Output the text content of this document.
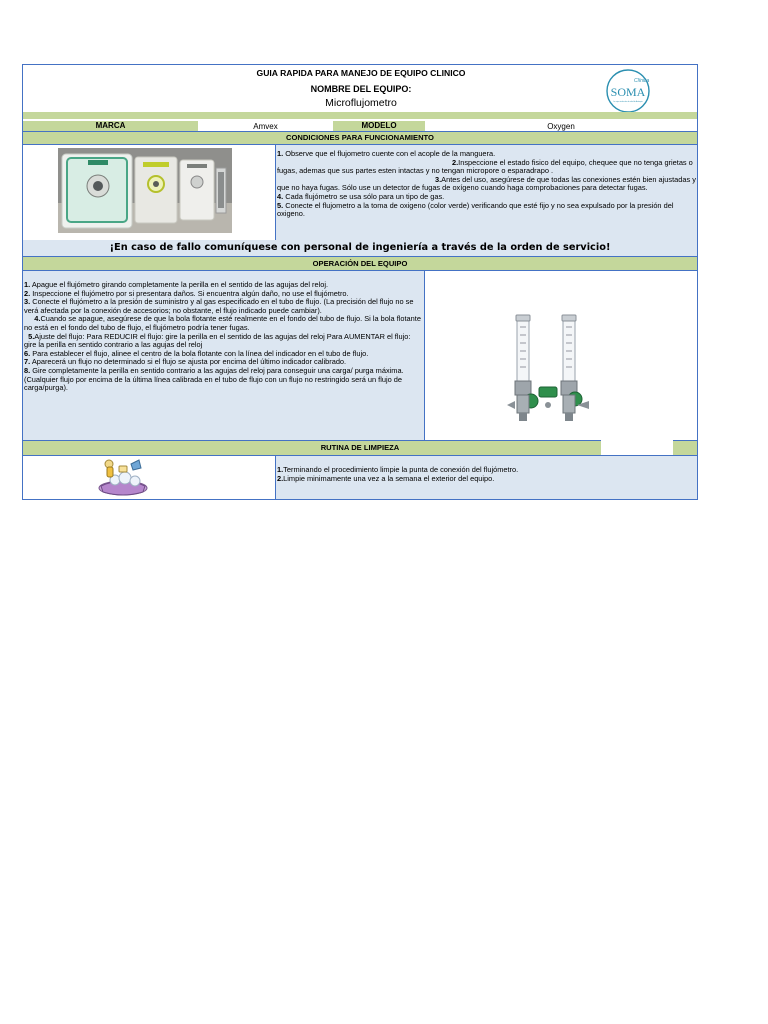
GUIA RAPIDA PARA MANEJO DE EQUIPO CLINICO
NOMBRE DEL EQUIPO:
Microflujometro
Clínica
SOMA
La mejor institución de salud de Antioquia
MARCA	Amvex	MODELO	Oxygen
CONDICIONES PARA FUNCIONAMIENTO

1. Observe que el flujometro cuente con el acople de la manguera.

2.Inspeccione el estado fisico del equipo, chequee que no tenga grietas o fugas, ademas que sus partes esten intactas y no tengan micropore o esparadrapo .

3.Antes del uso, asegúrese de que todas las conexiones estén bien ajustadas y que no haya fugas. Sólo use un detector de fugas de oxígeno cuando haga comprobaciones para detectar fugas.

4. Cada flujómetro se usa sólo para un tipo de gas.

5. Conecte el flujometro a la toma de oxigeno (color verde) verificando que esté fijo y no sea expulsado por la presión del oxigeno.

¡En caso de fallo comuníquese con personal de ingeniería a través de la orden de servicio!
OPERACIÓN DEL EQUIPO

1. Apague el flujómetro girando completamente la perilla en el sentido de las agujas del reloj.

2. Inspeccione el flujómetro por si presentara daños. Si encuentra algún daño, no use el flujómetro.

3. Conecte el flujómetro a la presión de suministro y al gas especificado en el tubo de flujo. (La precisión del flujo no se verá afectada por la conexión de accesorios; no obstante, el flujo indicado puede cambiar).

4.Cuando se apague, asegúrese de que la bola flotante esté realmente en el fondo del tubo de flujo. Si la bola flotante no está en el fondo del tubo de flujo, el flujómetro podría tener fugas.

5.Ajuste del flujo: Para REDUCIR el flujo: gire la perilla en el sentido de las agujas del reloj Para AUMENTAR el flujo: gire la perilla en sentido contrario a las agujas del reloj

6. Para establecer el flujo, alinee el centro de la bola flotante con la línea del indicador en el tubo de flujo.

7. Aparecerá un flujo no determinado si el flujo se ajusta por encima del último indicador calibrado.

8. Gire completamente la perilla en sentido contrario a las agujas del reloj para conseguir una carga/ purga máxima. (Cualquier flujo por encima de la última línea calibrada en el tubo de flujo con un flujo no restringido será un flujo de carga/purga).

RUTINA DE LIMPIEZA

1.Terminando el procedimiento limpie la punta de conexión del flujómetro.

2.Limpie minimamente una vez a la semana el exterior del equipo.
